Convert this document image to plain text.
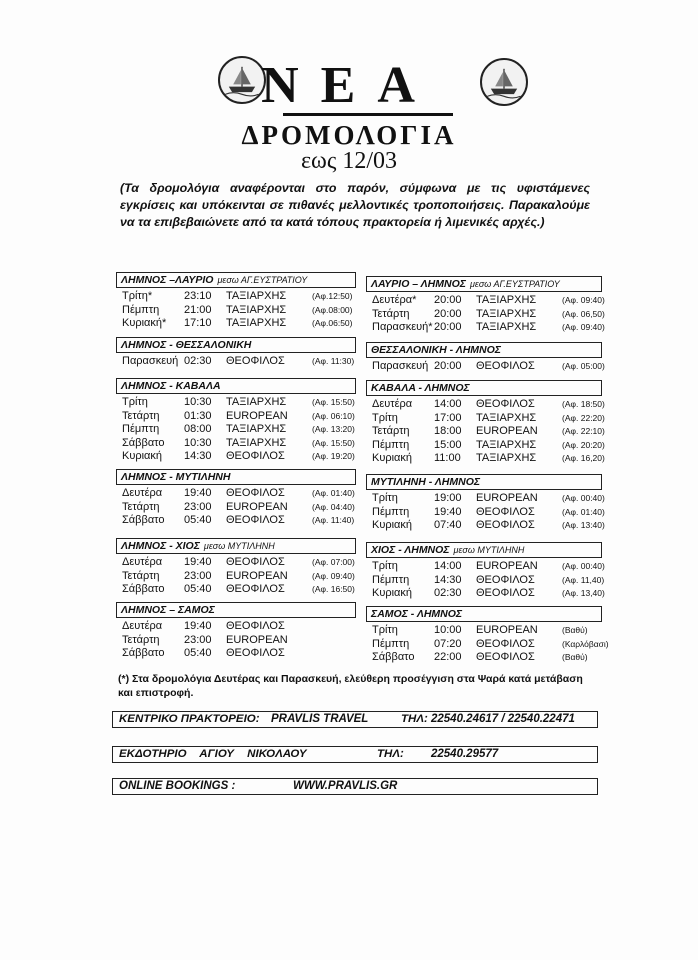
ΝΕΑ
ΔΡΟΜΟΛΟΓΙΑ
εως 12/03
(Τα δρομολόγια αναφέρονται στο παρόν, σύμφωνα με τις υφιστάμενες εγκρίσεις και υπόκεινται σε πιθανές μελλοντικές τροποποιήσεις. Παρακαλούμε να τα επιβεβαιώνετε από τα κατά τόπους πρακτορεία ή λιμενικές αρχές.)
ΛΗΜΝΟΣ –ΛΑΥΡΙΟ μεσω ΑΓ.ΕΥΣΤΡΑΤΙΟΥ
Τρίτη*	23:10 ΤΑΞΙΑΡΧΗΣ	(Αφ.12:50)
Πέμπτη 21:00 ΤΑΞΙΑΡΧΗΣ	(Αφ.08:00)
Κυριακή* 17:10 ΤΑΞΙΑΡΧΗΣ	(Αφ.06:50)
ΛΗΜΝΟΣ - ΘΕΣΣΑΛΟΝΙΚΗ
Παρασκευή 02:30 ΘΕΟΦΙΛΟΣ	(Αφ. 11:30)
ΛΗΜΝΟΣ - ΚΑΒΑΛΑ
Τρίτη	10:30 ΤΑΞΙΑΡΧΗΣ	(Αφ. 15:50)
Τετάρτη 01:30 EUROPEAN	(Αφ. 06:10)
Πέμπτη 08:00 ΤΑΞΙΑΡΧΗΣ	(Αφ. 13:20)
Σάββατο 10:30 ΤΑΞΙΑΡΧΗΣ	(Αφ. 15:50)
Κυριακή 14:30 ΘΕΟΦΙΛΟΣ	(Αφ. 19:20)
ΛΗΜΝΟΣ - ΜΥΤΙΛΗΝΗ
Δευτέρα 19:40 ΘΕΟΦΙΛΟΣ	(Αφ. 01:40)
Τετάρτη 23:00 EUROPEAN	(Αφ. 04:40)
Σάββατο 05:40 ΘΕΟΦΙΛΟΣ	(Αφ. 11:40)
ΛΗΜΝΟΣ - ΧΙΟΣ μεσω ΜΥΤΙΛΗΝΗ
Δευτέρα 19:40 ΘΕΟΦΙΛΟΣ	(Αφ. 07:00)
Τετάρτη 23:00 EUROPEAN	(Αφ. 09:40)
Σάββατο 05:40 ΘΕΟΦΙΛΟΣ	(Αφ. 16:50)
ΛΗΜΝΟΣ – ΣΑΜΟΣ
Δευτέρα 19:40 ΘΕΟΦΙΛΟΣ
Τετάρτη 23:00 EUROPEAN
Σάββατο 05:40 ΘΕΟΦΙΛΟΣ
ΛΑΥΡΙΟ – ΛΗΜΝΟΣ μεσω ΑΓ.ΕΥΣΤΡΑΤΙΟΥ
Δευτέρα* 20:00 ΤΑΞΙΑΡΧΗΣ	(Αφ. 09:40)
Τετάρτη 20:00 ΤΑΞΙΑΡΧΗΣ	(Αφ. 06,50)
Παρασκευή* 20:00 ΤΑΞΙΑΡΧΗΣ	(Αφ. 09:40)
ΘΕΣΣΑΛΟΝΙΚΗ - ΛΗΜΝΟΣ
Παρασκευή 20:00 ΘΕΟΦΙΛΟΣ	(Αφ. 05:00)
ΚΑΒΑΛΑ - ΛΗΜΝΟΣ
Δευτέρα 14:00 ΘΕΟΦΙΛΟΣ	(Αφ. 18:50)
Τρίτη	17:00 ΤΑΞΙΑΡΧΗΣ	(Αφ. 22:20)
Τετάρτη 18:00 EUROPEAN	(Αφ. 22:10)
Πέμπτη 15:00 ΤΑΞΙΑΡΧΗΣ	(Αφ. 20:20)
Κυριακή 11:00 ΤΑΞΙΑΡΧΗΣ	(Αφ. 16,20)
ΜΥΤΙΛΗΝΗ - ΛΗΜΝΟΣ
Τρίτη	19:00 EUROPEAN	(Αφ. 00:40)
Πέμπτη 19:40 ΘΕΟΦΙΛΟΣ	(Αφ. 01:40)
Κυριακή 07:40 ΘΕΟΦΙΛΟΣ	(Αφ. 13:40)
ΧΙΟΣ - ΛΗΜΝΟΣ μεσω ΜΥΤΙΛΗΝΗ
Τρίτη	14:00 EUROPEAN	(Αφ. 00:40)
Πέμπτη 14:30 ΘΕΟΦΙΛΟΣ	(Αφ. 11,40)
Κυριακή 02:30 ΘΕΟΦΙΛΟΣ	(Αφ. 13,40)
ΣΑΜΟΣ - ΛΗΜΝΟΣ
Τρίτη	10:00 EUROPEAN	(Βαθύ)
Πέμπτη 07:20 ΘΕΟΦΙΛΟΣ	(Καρλόβασι)
Σάββατο 22:00 ΘΕΟΦΙΛΟΣ	(Βαθύ)
(*) Στα δρομολόγια Δευτέρας και Παρασκευή, ελεύθερη προσέγγιση στα Ψαρά κατά μετάβαση και επιστροφή.
ΚΕΝΤΡΙΚΟ ΠΡΑΚΤΟΡΕΙΟ: PRAVLIS TRAVEL	ΤΗΛ: 22540.24617 / 22540.22471
ΕΚΔΟΤΗΡΙΟ ΑΓΙΟΥ ΝΙΚΟΛΑΟΥ	ΤΗΛ: 22540.29577
ONLINE BOOKINGS :	WWW.PRAVLIS.GR
